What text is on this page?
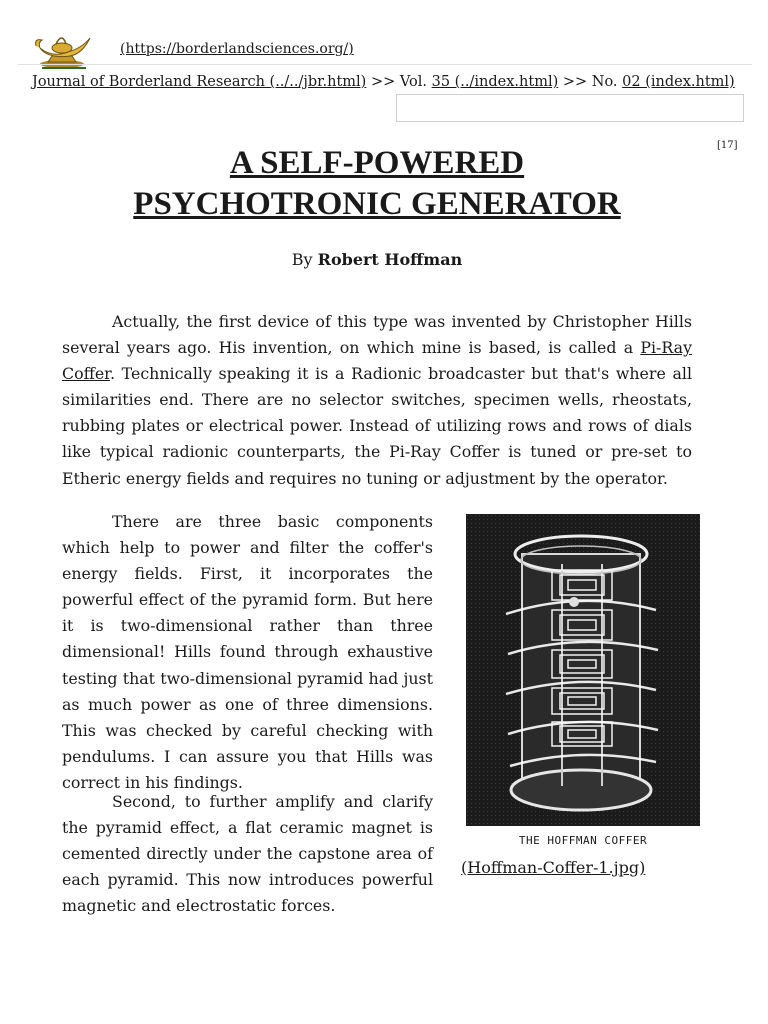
(https://borderlandsciences.org/)
Journal of Borderland Research (../../jbr.html) >> Vol. 35 (../index.html) >> No. 02 (index.html)
[17]
A SELF-POWERED
PSYCHOTRONIC GENERATOR
By Robert Hoffman

Actually, the first device of this type was invented by Christopher Hills several years ago. His invention, on which mine is based, is called a Pi-Ray Coffer. Technically speaking it is a Radionic broadcaster but that's where all similarities end. There are no selector switches, specimen wells, rheostats, rubbing plates or electrical power. Instead of utilizing rows and rows of dials like typical radionic counterparts, the Pi-Ray Coffer is tuned or pre-set to Etheric energy fields and requires no tuning or adjustment by the operator.

There are three basic components which help to power and filter the coffer's energy fields. First, it incorporates the powerful effect of the pyramid form. But here it is two-dimensional rather than three dimensional! Hills found through exhaustive testing that two-dimensional pyramid had just as much power as one of three dimensions. This was checked by careful checking with pendulums. I can assure you that Hills was correct in his findings.

Second, to further amplify and clarify the pyramid effect, a flat ceramic magnet is cemented directly under the capstone area of each pyramid. This now introduces powerful magnetic and electrostatic forces.

THE HOFFMAN COFFER
(Hoffman-Coffer-1.jpg)
